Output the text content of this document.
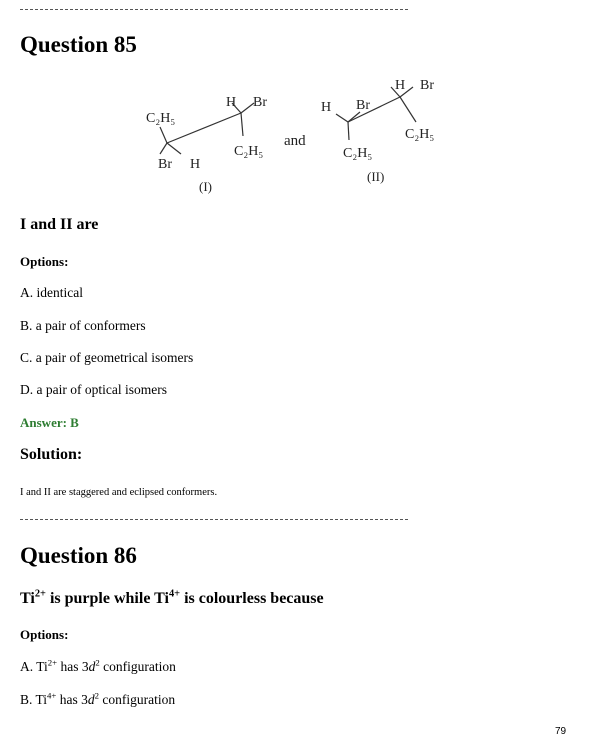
Question 85
C₂H₅
H Br
C₂H₅
Br H
(I)
and
H Br
C₂H₅
H Br
C₂H₅
(II)
I and II are
Options:
A. identical
B. a pair of conformers
C. a pair of geometrical isomers
D. a pair of optical isomers
Answer: B
Solution:
I and II are staggered and eclipsed conformers.
Question 86
$Ti^{2+}$ is purple while $Ti^{4+}$ is colourless because
Options:
A. $Ti^{2+}$ has $3d^2$ configuration
B. $Ti^{4+}$ has $3d^2$ configuration
79
